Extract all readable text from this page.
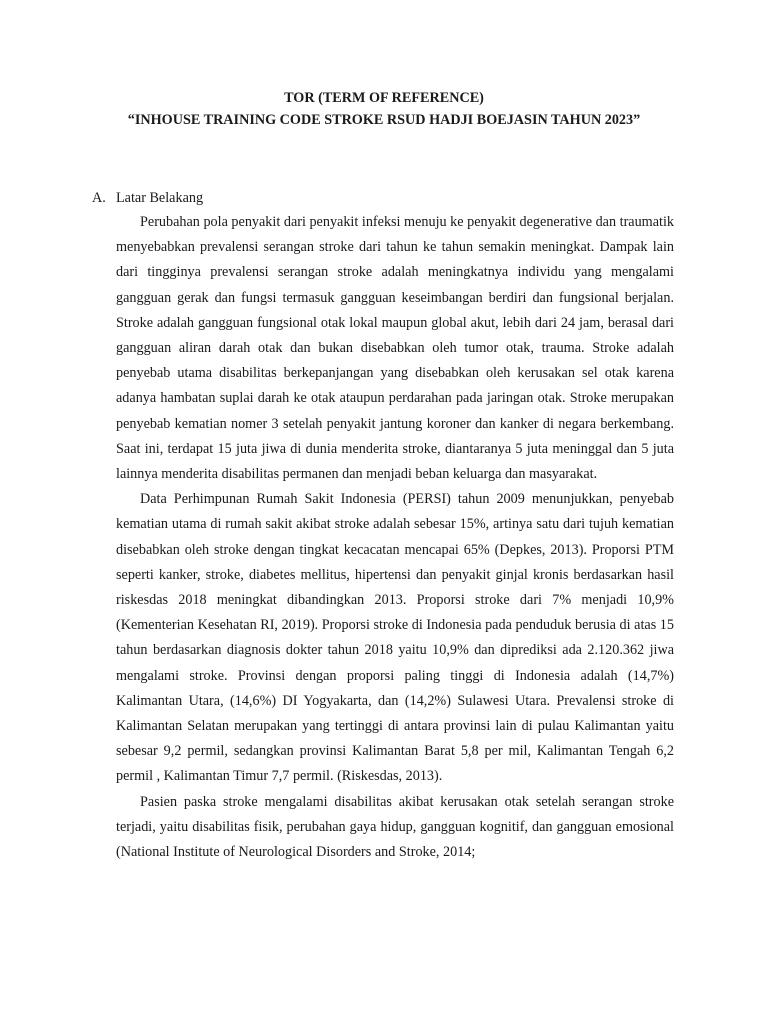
TOR (TERM OF REFERENCE)
“INHOUSE TRAINING CODE STROKE RSUD HADJI BOEJASIN TAHUN 2023”
A. Latar Belakang

Perubahan pola penyakit dari penyakit infeksi menuju ke penyakit degenerative dan traumatik menyebabkan prevalensi serangan stroke dari tahun ke tahun semakin meningkat. Dampak lain dari tingginya prevalensi serangan stroke adalah meningkatnya individu yang mengalami gangguan gerak dan fungsi termasuk gangguan keseimbangan berdiri dan fungsional berjalan. Stroke adalah gangguan fungsional otak lokal maupun global akut, lebih dari 24 jam, berasal dari gangguan aliran darah otak dan bukan disebabkan oleh tumor otak, trauma. Stroke adalah penyebab utama disabilitas berkepanjangan yang disebabkan oleh kerusakan sel otak karena adanya hambatan suplai darah ke otak ataupun perdarahan pada jaringan otak. Stroke merupakan penyebab kematian nomer 3 setelah penyakit jantung koroner dan kanker di negara berkembang. Saat ini, terdapat 15 juta jiwa di dunia menderita stroke, diantaranya 5 juta meninggal dan 5 juta lainnya menderita disabilitas permanen dan menjadi beban keluarga dan masyarakat.

Data Perhimpunan Rumah Sakit Indonesia (PERSI) tahun 2009 menunjukkan, penyebab kematian utama di rumah sakit akibat stroke adalah sebesar 15%, artinya satu dari tujuh kematian disebabkan oleh stroke dengan tingkat kecacatan mencapai 65% (Depkes, 2013). Proporsi PTM seperti kanker, stroke, diabetes mellitus, hipertensi dan penyakit ginjal kronis berdasarkan hasil riskesdas 2018 meningkat dibandingkan 2013. Proporsi stroke dari 7% menjadi 10,9% (Kementerian Kesehatan RI, 2019). Proporsi stroke di Indonesia pada penduduk berusia di atas 15 tahun berdasarkan diagnosis dokter tahun 2018 yaitu 10,9% dan diprediksi ada 2.120.362 jiwa mengalami stroke. Provinsi dengan proporsi paling tinggi di Indonesia adalah (14,7%) Kalimantan Utara, (14,6%) DI Yogyakarta, dan (14,2%) Sulawesi Utara. Prevalensi stroke di Kalimantan Selatan merupakan yang tertinggi di antara provinsi lain di pulau Kalimantan yaitu sebesar 9,2 permil, sedangkan provinsi Kalimantan Barat 5,8 per mil, Kalimantan Tengah 6,2 permil , Kalimantan Timur 7,7 permil. (Riskesdas, 2013).

Pasien paska stroke mengalami disabilitas akibat kerusakan otak setelah serangan stroke terjadi, yaitu disabilitas fisik, perubahan gaya hidup, gangguan kognitif, dan gangguan emosional (National Institute of Neurological Disorders and Stroke, 2014;
